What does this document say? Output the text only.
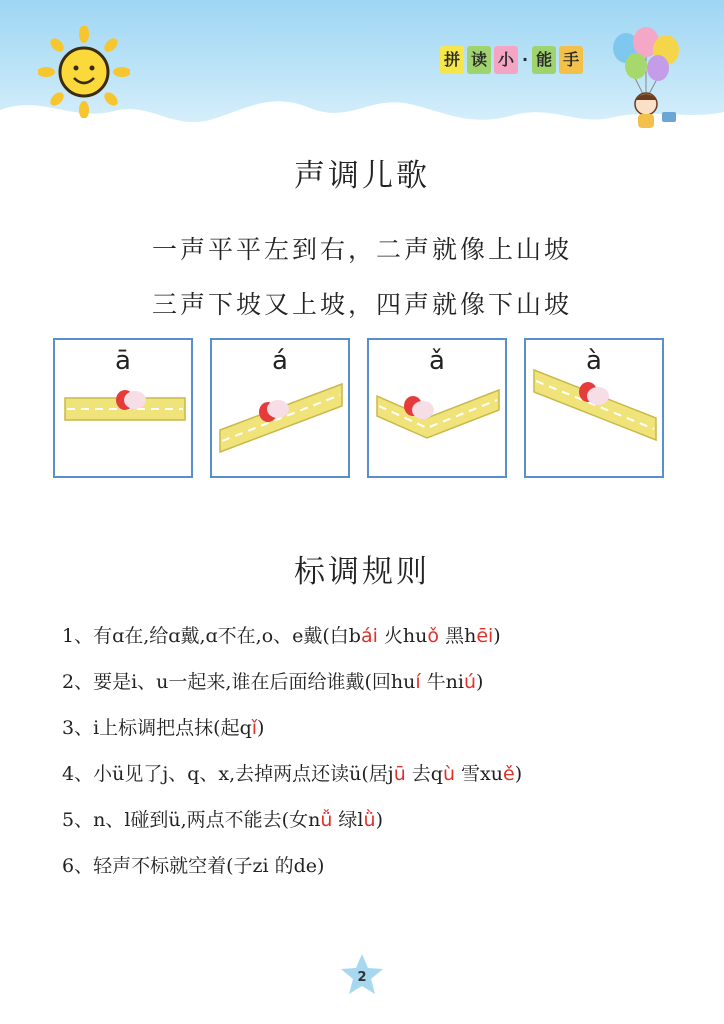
拼 读 小 · 能 手
声调儿歌
一声平平左到右，二声就像上山坡
三声下坡又上坡，四声就像下山坡
ā	á	ǎ	à
标调规则
1、有ɑ在,给ɑ戴,ɑ不在,o、e戴(白bái 火huǒ 黑hēi)
2、要是i、u一起来,谁在后面给谁戴(回huí 牛niú)
3、i上标调把点抹(起qǐ)
4、小ü见了j、q、x,去掉两点还读ü(居jū 去qù 雪xuě)
5、n、l碰到ü,两点不能去(女nǚ 绿lǜ)
6、轻声不标就空着(子zi 的de)
2
